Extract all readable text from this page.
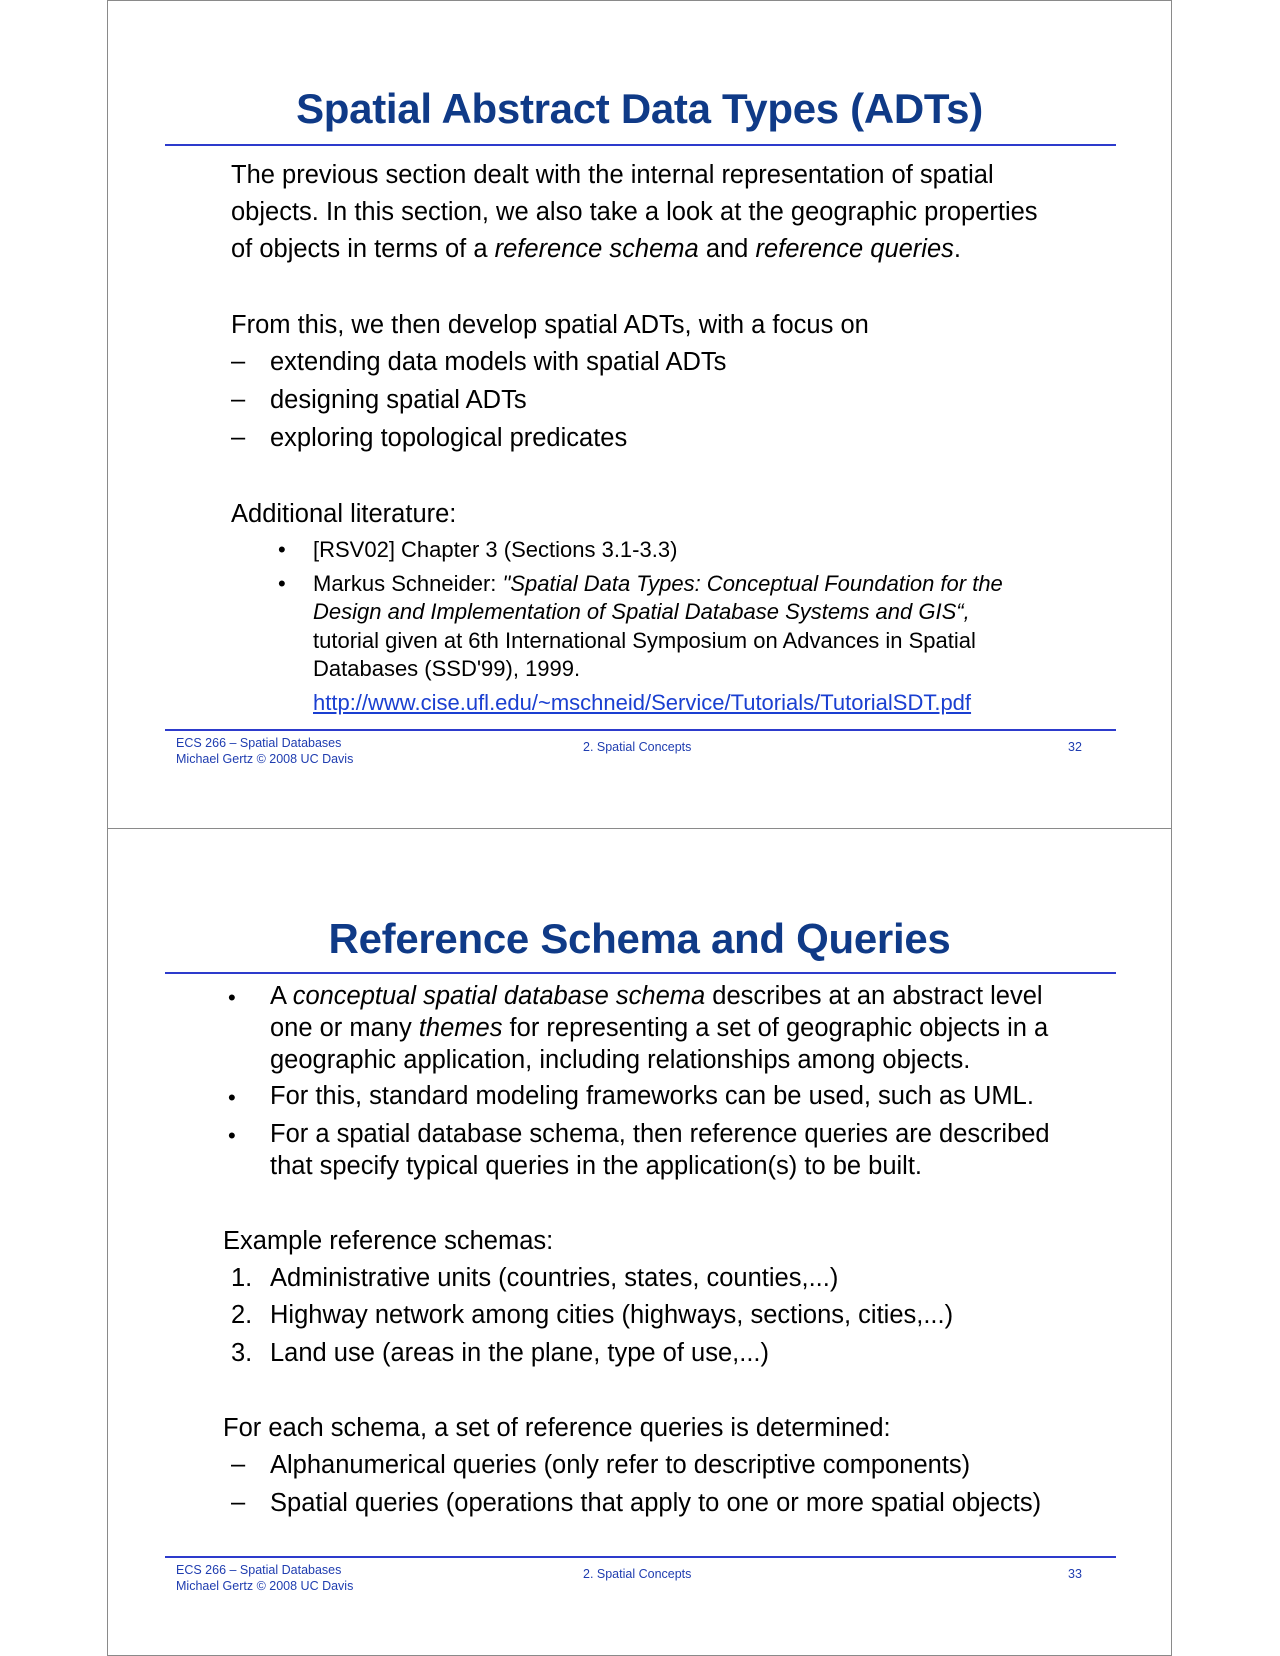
Spatial Abstract Data Types (ADTs)
The previous section dealt with the internal representation of spatial
objects. In this section, we also take a look at the geographic properties
of objects in terms of a reference schema and reference queries.
From this, we then develop spatial ADTs, with a focus on
– extending data models with spatial ADTs
– designing spatial ADTs
– exploring topological predicates
Additional literature:
• [RSV02] Chapter 3 (Sections 3.1-3.3)
• Markus Schneider: "Spatial Data Types: Conceptual Foundation for the
Design and Implementation of Spatial Database Systems and GIS“,
tutorial given at 6th International Symposium on Advances in Spatial
Databases (SSD'99), 1999.
http://www.cise.ufl.edu/~mschneid/Service/Tutorials/TutorialSDT.pdf
ECS 266 – Spatial Databases
Michael Gertz © 2008 UC Davis
2. Spatial Concepts	32
Reference Schema and Queries
• A conceptual spatial database schema describes at an abstract level
one or many themes for representing a set of geographic objects in a
geographic application, including relationships among objects.
• For this, standard modeling frameworks can be used, such as UML.
• For a spatial database schema, then reference queries are described
that specify typical queries in the application(s) to be built.
Example reference schemas:
1. Administrative units (countries, states, counties,...)
2. Highway network among cities (highways, sections, cities,...)
3. Land use (areas in the plane, type of use,...)
For each schema, a set of reference queries is determined:
– Alphanumerical queries (only refer to descriptive components)
– Spatial queries (operations that apply to one or more spatial objects)
ECS 266 – Spatial Databases
Michael Gertz © 2008 UC Davis
2. Spatial Concepts	33
